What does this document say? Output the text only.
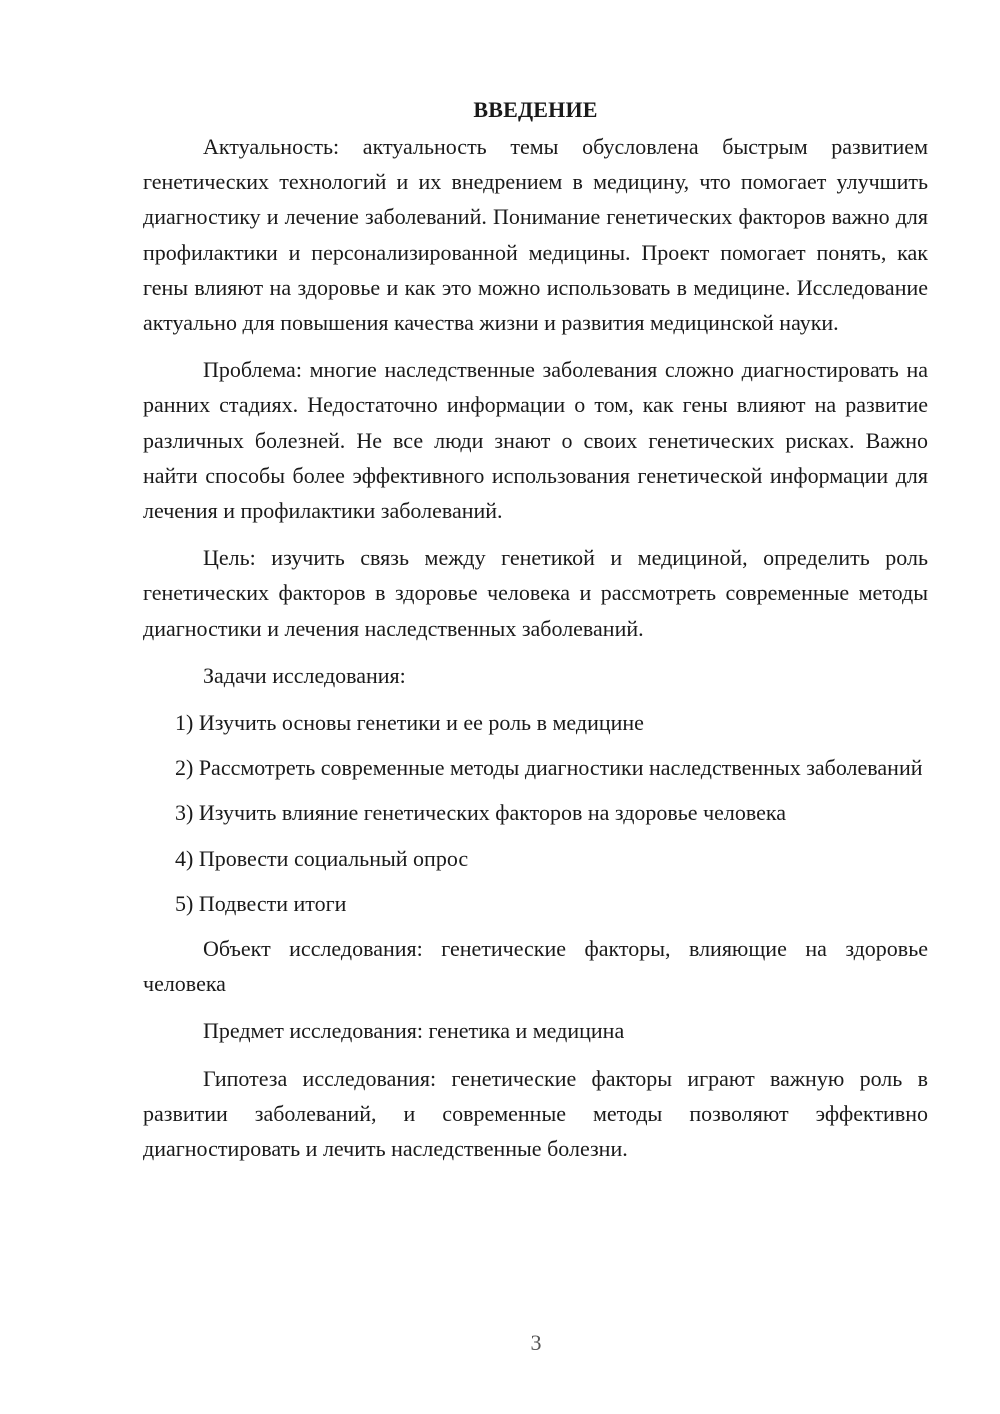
ВВЕДЕНИЕ

Актуальность: актуальность темы обусловлена быстрым развитием генетических технологий и их внедрением в медицину, что помогает улучшить диагностику и лечение заболеваний. Понимание генетических факторов важно для профилактики и персонализированной медицины. Проект помогает понять, как гены влияют на здоровье и как это можно использовать в медицине. Исследование актуально для повышения качества жизни и развития медицинской науки.

Проблема: многие наследственные заболевания сложно диагностировать на ранних стадиях. Недостаточно информации о том, как гены влияют на развитие различных болезней. Не все люди знают о своих генетических рисках. Важно найти способы более эффективного использования генетической информации для лечения и профилактики заболеваний.

Цель: изучить связь между генетикой и медициной, определить роль генетических факторов в здоровье человека и рассмотреть современные методы диагностики и лечения наследственных заболеваний.

Задачи исследования:

1) Изучить основы генетики и ее роль в медицине

2) Рассмотреть современные методы диагностики наследственных заболеваний

3) Изучить влияние генетических факторов на здоровье человека

4) Провести социальный опрос

5) Подвести итоги

Объект исследования: генетические факторы, влияющие на здоровье человека

Предмет исследования: генетика и медицина

Гипотеза исследования: генетические факторы играют важную роль в развитии заболеваний, и современные методы позволяют эффективно диагностировать и лечить наследственные болезни.

3
